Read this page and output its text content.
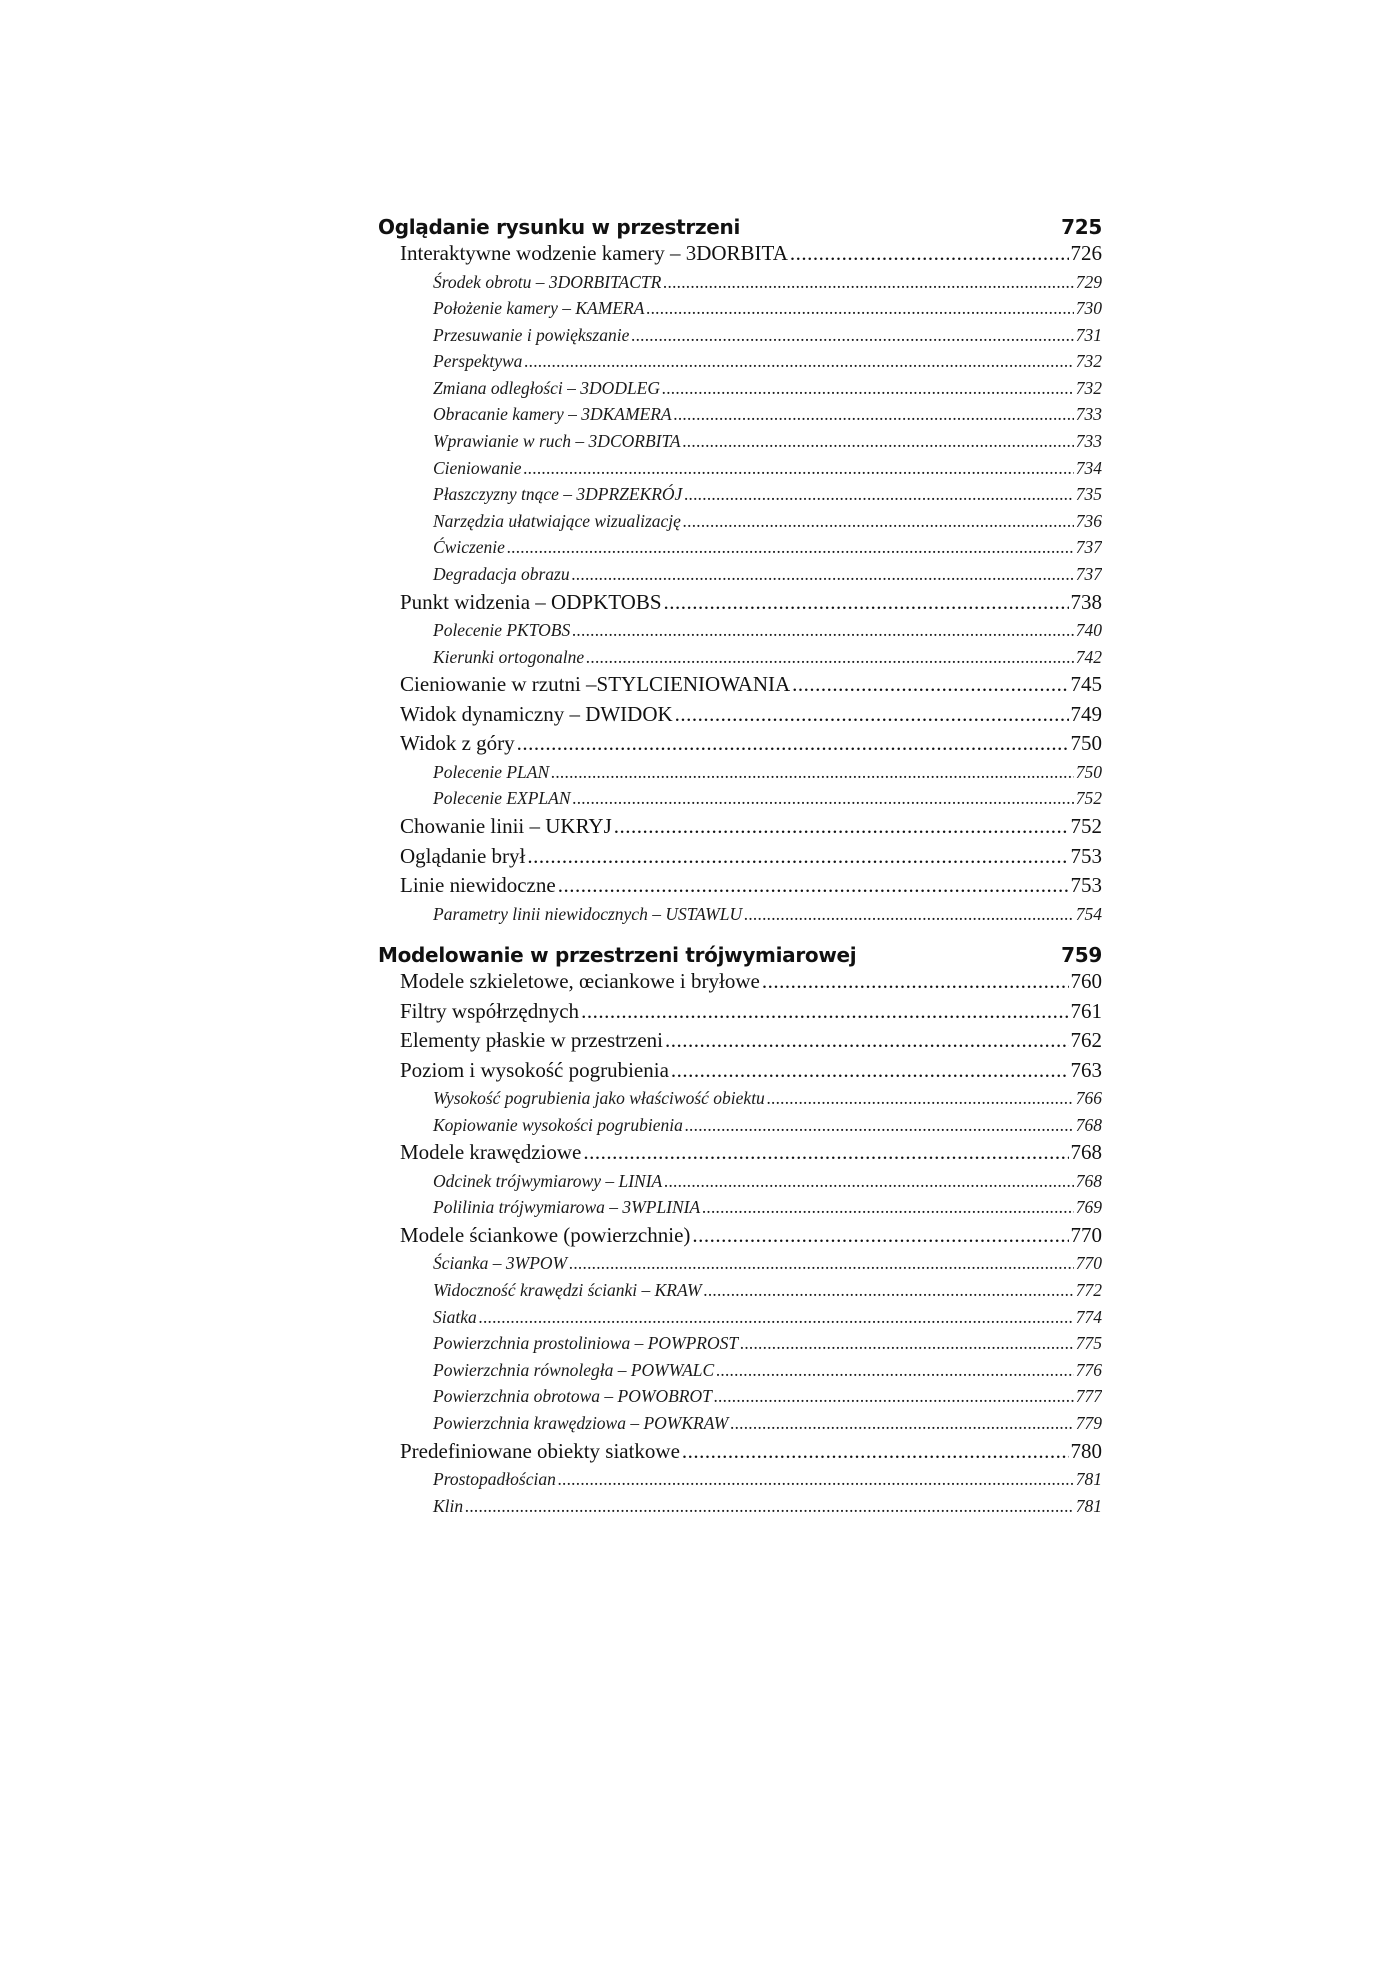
Oglądanie rysunku w przestrzeni	725
Interaktywne wodzenie kamery – 3DORBITA .....	726
Środek obrotu – 3DORBITACTR .....	729
Położenie kamery – KAMERA .....	730
Przesuwanie i powiększanie .....	731
Perspektywa .....	732
Zmiana odległości – 3DODLEG .....	732
Obracanie kamery – 3DKAMERA .....	733
Wprawianie w ruch – 3DCORBITA .....	733
Cieniowanie .....	734
Płaszczyzny tnące – 3DPRZEKRÓJ .....	735
Narzędzia ułatwiające wizualizację .....	736
Ćwiczenie .....	737
Degradacja obrazu .....	737
Punkt widzenia – ODPKTOBS .....	738
Polecenie PKTOBS .....	740
Kierunki ortogonalne .....	742
Cieniowanie w rzutni –STYLCIENIOWANIA .....	745
Widok dynamiczny – DWIDOK .....	749
Widok z góry .....	750
Polecenie PLAN .....	750
Polecenie EXPLAN .....	752
Chowanie linii – UKRYJ .....	752
Oglądanie brył .....	753
Linie niewidoczne .....	753
Parametry linii niewidocznych – USTAWLU .....	754
Modelowanie w przestrzeni trójwymiarowej	759
Modele szkieletowe, œciankowe i bryłowe .....	760
Filtry współrzędnych .....	761
Elementy płaskie w przestrzeni .....	762
Poziom i wysokość pogrubienia .....	763
Wysokość pogrubienia jako właściwość obiektu .....	766
Kopiowanie wysokości pogrubienia .....	768
Modele krawędziowe .....	768
Odcinek trójwymiarowy – LINIA .....	768
Polilinia trójwymiarowa – 3WPLINIA .....	769
Modele ściankowe (powierzchnie) .....	770
Ścianka – 3WPOW .....	770
Widoczność krawędzi ścianki – KRAW .....	772
Siatka .....	774
Powierzchnia prostoliniowa – POWPROST .....	775
Powierzchnia równoległa – POWWALC .....	776
Powierzchnia obrotowa – POWOBROT .....	777
Powierzchnia krawędziowa – POWKRAW .....	779
Predefiniowane obiekty siatkowe .....	780
Prostopadłościan .....	781
Klin .....	781
